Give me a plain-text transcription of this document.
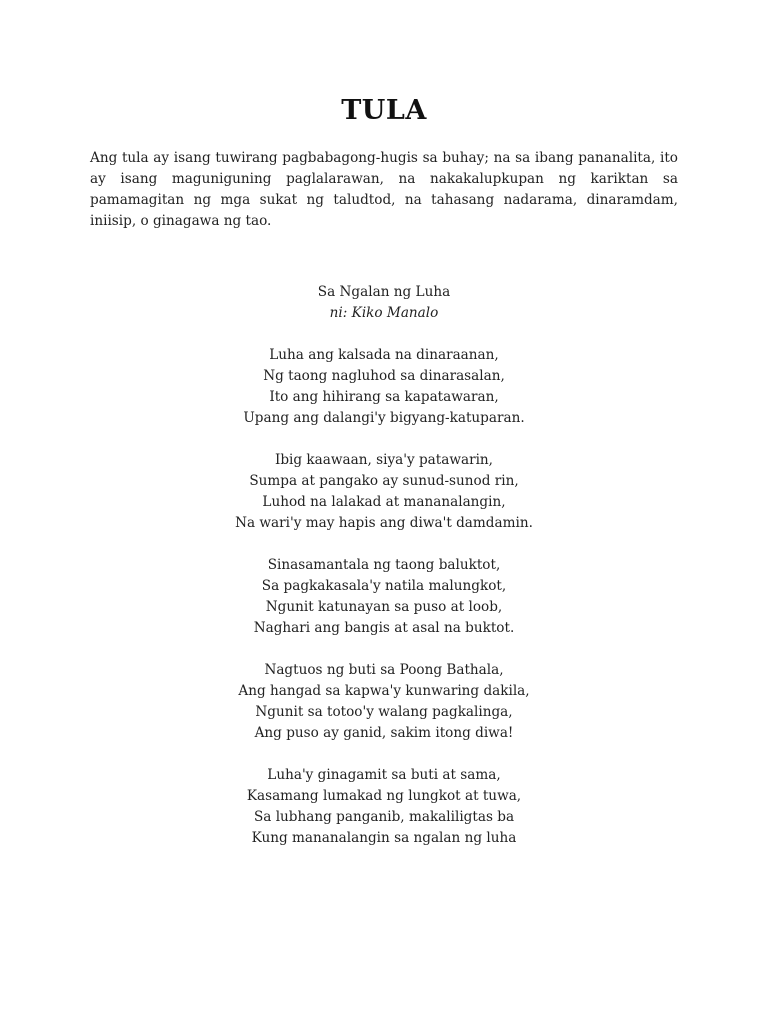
TULA
Ang tula ay isang tuwirang pagbabagong-hugis sa buhay; na sa ibang pananalita, ito ay isang maguniguning paglalarawan, na nakakalupkupan ng kariktan sa pamamagitan ng mga sukat ng taludtod, na tahasang nadarama, dinaramdam, iniisip, o ginagawa ng tao.
Sa Ngalan ng Luha
ni: Kiko Manalo
Luha ang kalsada na dinaraanan,
Ng taong nagluhod sa dinarasalan,
Ito ang hihirang sa kapatawaran,
Upang ang dalangi'y bigyang-katuparan.
Ibig kaawaan, siya'y patawarin,
Sumpa at pangako ay sunud-sunod rin,
Luhod na lalakad at mananalangin,
Na wari'y may hapis ang diwa't damdamin.
Sinasamantala ng taong baluktot,
Sa pagkakasala'y natila malungkot,
Ngunit katunayan sa puso at loob,
Naghari ang bangis at asal na buktot.
Nagtuos ng buti sa Poong Bathala,
Ang hangad sa kapwa'y kunwaring dakila,
Ngunit sa totoo'y walang pagkalinga,
Ang puso ay ganid, sakim itong diwa!
Luha'y ginagamit sa buti at sama,
Kasamang lumakad ng lungkot at tuwa,
Sa lubhang panganib, makaliligtas ba
Kung mananalangin sa ngalan ng luha
